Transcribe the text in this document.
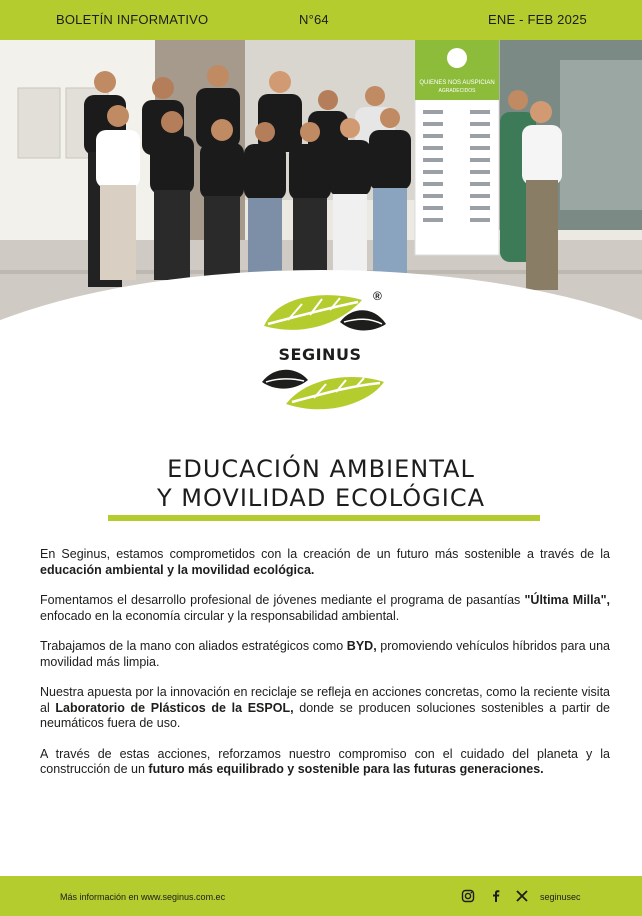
BOLETÍN INFORMATIVO	N°64	ENE - FEB 2025
QUIENES NOS AUSPICIAN
AGRADECIDOS
®
SEGINUS
EDUCACIÓN AMBIENTAL
Y MOVILIDAD ECOLÓGICA

En Seginus, estamos comprometidos con la creación de un futuro más sostenible a través de la educación ambiental y la movilidad ecológica.

Fomentamos el desarrollo profesional de jóvenes mediante el programa de pasantías "Última Milla", enfocado en la economía circular y la responsabilidad ambiental.

Trabajamos de la mano con aliados estratégicos como BYD, promoviendo vehículos híbridos para una movilidad más limpia.

Nuestra apuesta por la innovación en reciclaje se refleja en acciones concretas, como la reciente visita al Laboratorio de Plásticos de la ESPOL, donde se producen soluciones sostenibles a partir de neumáticos fuera de uso.

A través de estas acciones, reforzamos nuestro compromiso con el cuidado del planeta y la construcción de un futuro más equilibrado y sostenible para las futuras generaciones.

Más información en www.seginus.com.ec	seginusec
